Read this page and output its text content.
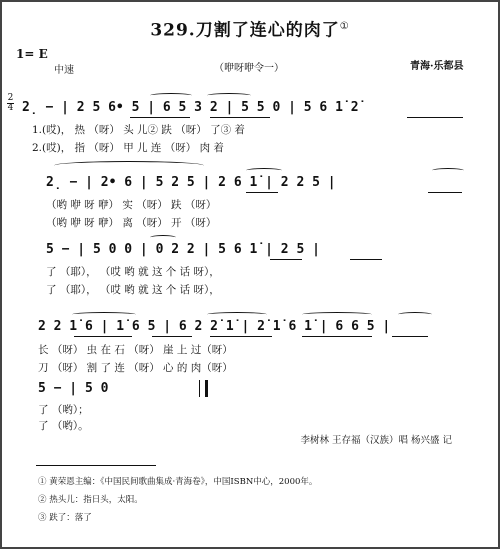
329.刀割了连心的肉了①
1= E
中速	（咿呀咿令一）	青海·乐都县
2
4 2̣ − | 2 5 6• 5 | 6 5 3 2 | 5 5 0 | 5 6 1̇ 2̇
1.(哎)， 热 （呀） 头 儿② 趺 （呀） 了③ 着
2.(哎)， 指 （呀） 甲 儿 连 （呀） 肉 着
2̣ − | 2• 6 | 5 2 5 | 2 6 1̇ | 2 2 5 |
（哟 咿 呀 咿） 实 （呀） 趺 （呀）
（哟 咿 呀 咿） 离 （呀） 开 （呀）
5 − | 5 0 0 | 0 2 2 | 5 6 1̇ | 2 5 |
了 （耶）， （哎 哟 就 这 个 话 呀），
了 （耶）， （哎 哟 就 这 个 话 呀），
2 2 1̇ 6 | 1̇ 6 5 | 6 2 2̇ 1̇ | 2̇ 1̇ 6 1̇ | 6 6 5 |
长 （呀） 虫 在 石 （呀） 崖 上 过（呀）
刀 （呀） 割 了 连 （呀） 心 的 肉（呀）
5 − | 5 0
了 （哟）；
了 （哟）。
李树林 王存福（汉族）唱 杨兴盛 记
① 黄荣恩主编：《中国民间歌曲集成·青海卷》，中国ISBN中心，2000年。
② 热头儿：指日头，太阳。
③ 趺了：落了
